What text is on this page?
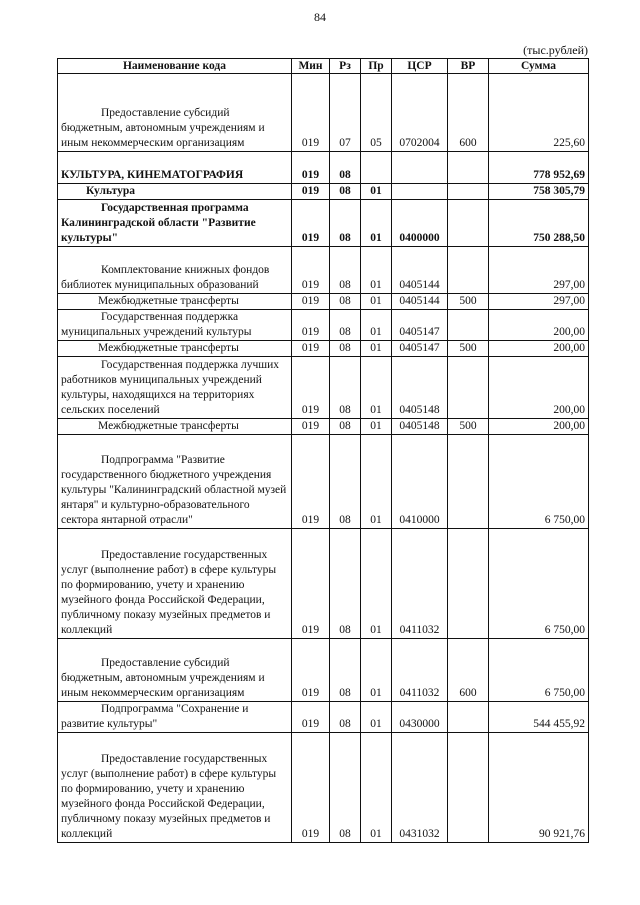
84
(тыс.рублей)
Наименование кода	Мин	Рз	Пр	ЦСР	ВР	Сумма

Предоставление субсидий бюджетным, автономным учреждениям и иным некоммерческим организациям	019	07	05	0702004	600	225,60
КУЛЬТУРА, КИНЕМАТОГРАФИЯ	019	08				778 952,69
Культура	019	08	01			758 305,79

Государственная программа Калининградской области "Развитие культуры"	019	08	01	0400000		750 288,50

Комплектование книжных фондов библиотек муниципальных образований	019	08	01	0405144		297,00
Межбюджетные трансферты	019	08	01	0405144	500	297,00

Государственная поддержка муниципальных учреждений культуры	019	08	01	0405147		200,00
Межбюджетные трансферты	019	08	01	0405147	500	200,00

Государственная поддержка лучших работников муниципальных учреждений культуры, находящихся на территориях сельских поселений	019	08	01	0405148		200,00
Межбюджетные трансферты	019	08	01	0405148	500	200,00

Подпрограмма "Развитие государственного бюджетного учреждения культуры "Калининградский областной музей янтаря" и культурно-образовательного сектора янтарной отрасли"	019	08	01	0410000		6 750,00

Предоставление государственных услуг (выполнение работ) в сфере культуры по формированию, учету и хранению музейного фонда Российской Федерации, публичному показу музейных предметов и коллекций	019	08	01	0411032		6 750,00

Предоставление субсидий бюджетным, автономным учреждениям и иным некоммерческим организациям	019	08	01	0411032	600	6 750,00

Подпрограмма "Сохранение и развитие культуры"	019	08	01	0430000		544 455,92

Предоставление государственных услуг (выполнение работ) в сфере культуры по формированию, учету и хранению музейного фонда Российской Федерации, публичному показу музейных предметов и коллекций	019	08	01	0431032		90 921,76
